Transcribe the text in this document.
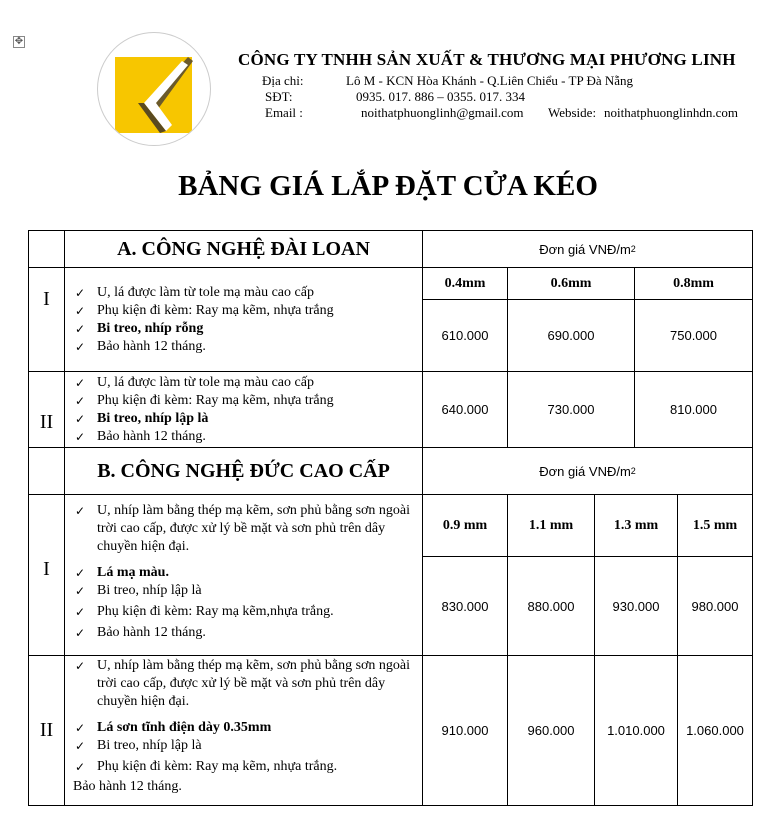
✥
CÔNG TY TNHH SẢN XUẤT & THƯƠNG MẠI PHƯƠNG LINH
Địa chỉ:	Lô M - KCN Hòa Khánh - Q.Liên Chiểu - TP Đà Nẵng
SĐT:	0935. 017. 886 – 0355. 017. 334
Email :	noithatphuonglinh@gmail.com Webside: noithatphuonglinhdn.com
BẢNG GIÁ LẮP ĐẶT CỬA KÉO
A. CÔNG NGHỆ ĐÀI LOAN	Đơn giá VNĐ/m 2
I	✓ U, lá được làm từ tole mạ màu cao cấp
✓ Phụ kiện đi kèm: Ray mạ kẽm, nhựa trắng
✓ Bi treo, nhíp rỗng
✓ Bảo hành 12 tháng.
0.4mm	0.6mm	0.8mm
610.000	690.000	750.000
II
✓ U, lá được làm từ tole mạ màu cao cấp
✓ Phụ kiện đi kèm: Ray mạ kẽm, nhựa trắng
✓ Bi treo, nhíp lập là
✓ Bảo hành 12 tháng.
640.000	730.000	810.000
B. CÔNG NGHỆ ĐỨC CAO CẤP	Đơn giá VNĐ/m 2
I
✓ U, nhíp làm bằng thép mạ kẽm, sơn phủ bằng sơn ngoài trời cao cấp, được xử lý bề mặt và sơn phủ trên dây chuyền hiện đại.
✓ Lá mạ màu.
✓ Bi treo, nhíp lập là
✓ Phụ kiện đi kèm: Ray mạ kẽm,nhựa trắng.
✓ Bảo hành 12 tháng.
0.9 mm	1.1 mm	1.3 mm	1.5 mm
830.000	880.000	930.000	980.000
II
✓ U, nhíp làm bằng thép mạ kẽm, sơn phủ bằng sơn ngoài trời cao cấp, được xử lý bề mặt và sơn phủ trên dây chuyền hiện đại.
✓ Lá sơn tĩnh điện dày 0.35mm
✓ Bi treo, nhíp lập là
✓ Phụ kiện đi kèm: Ray mạ kẽm, nhựa trắng.
Bảo hành 12 tháng.
910.000	960.000	1.010.000	1.060.000
